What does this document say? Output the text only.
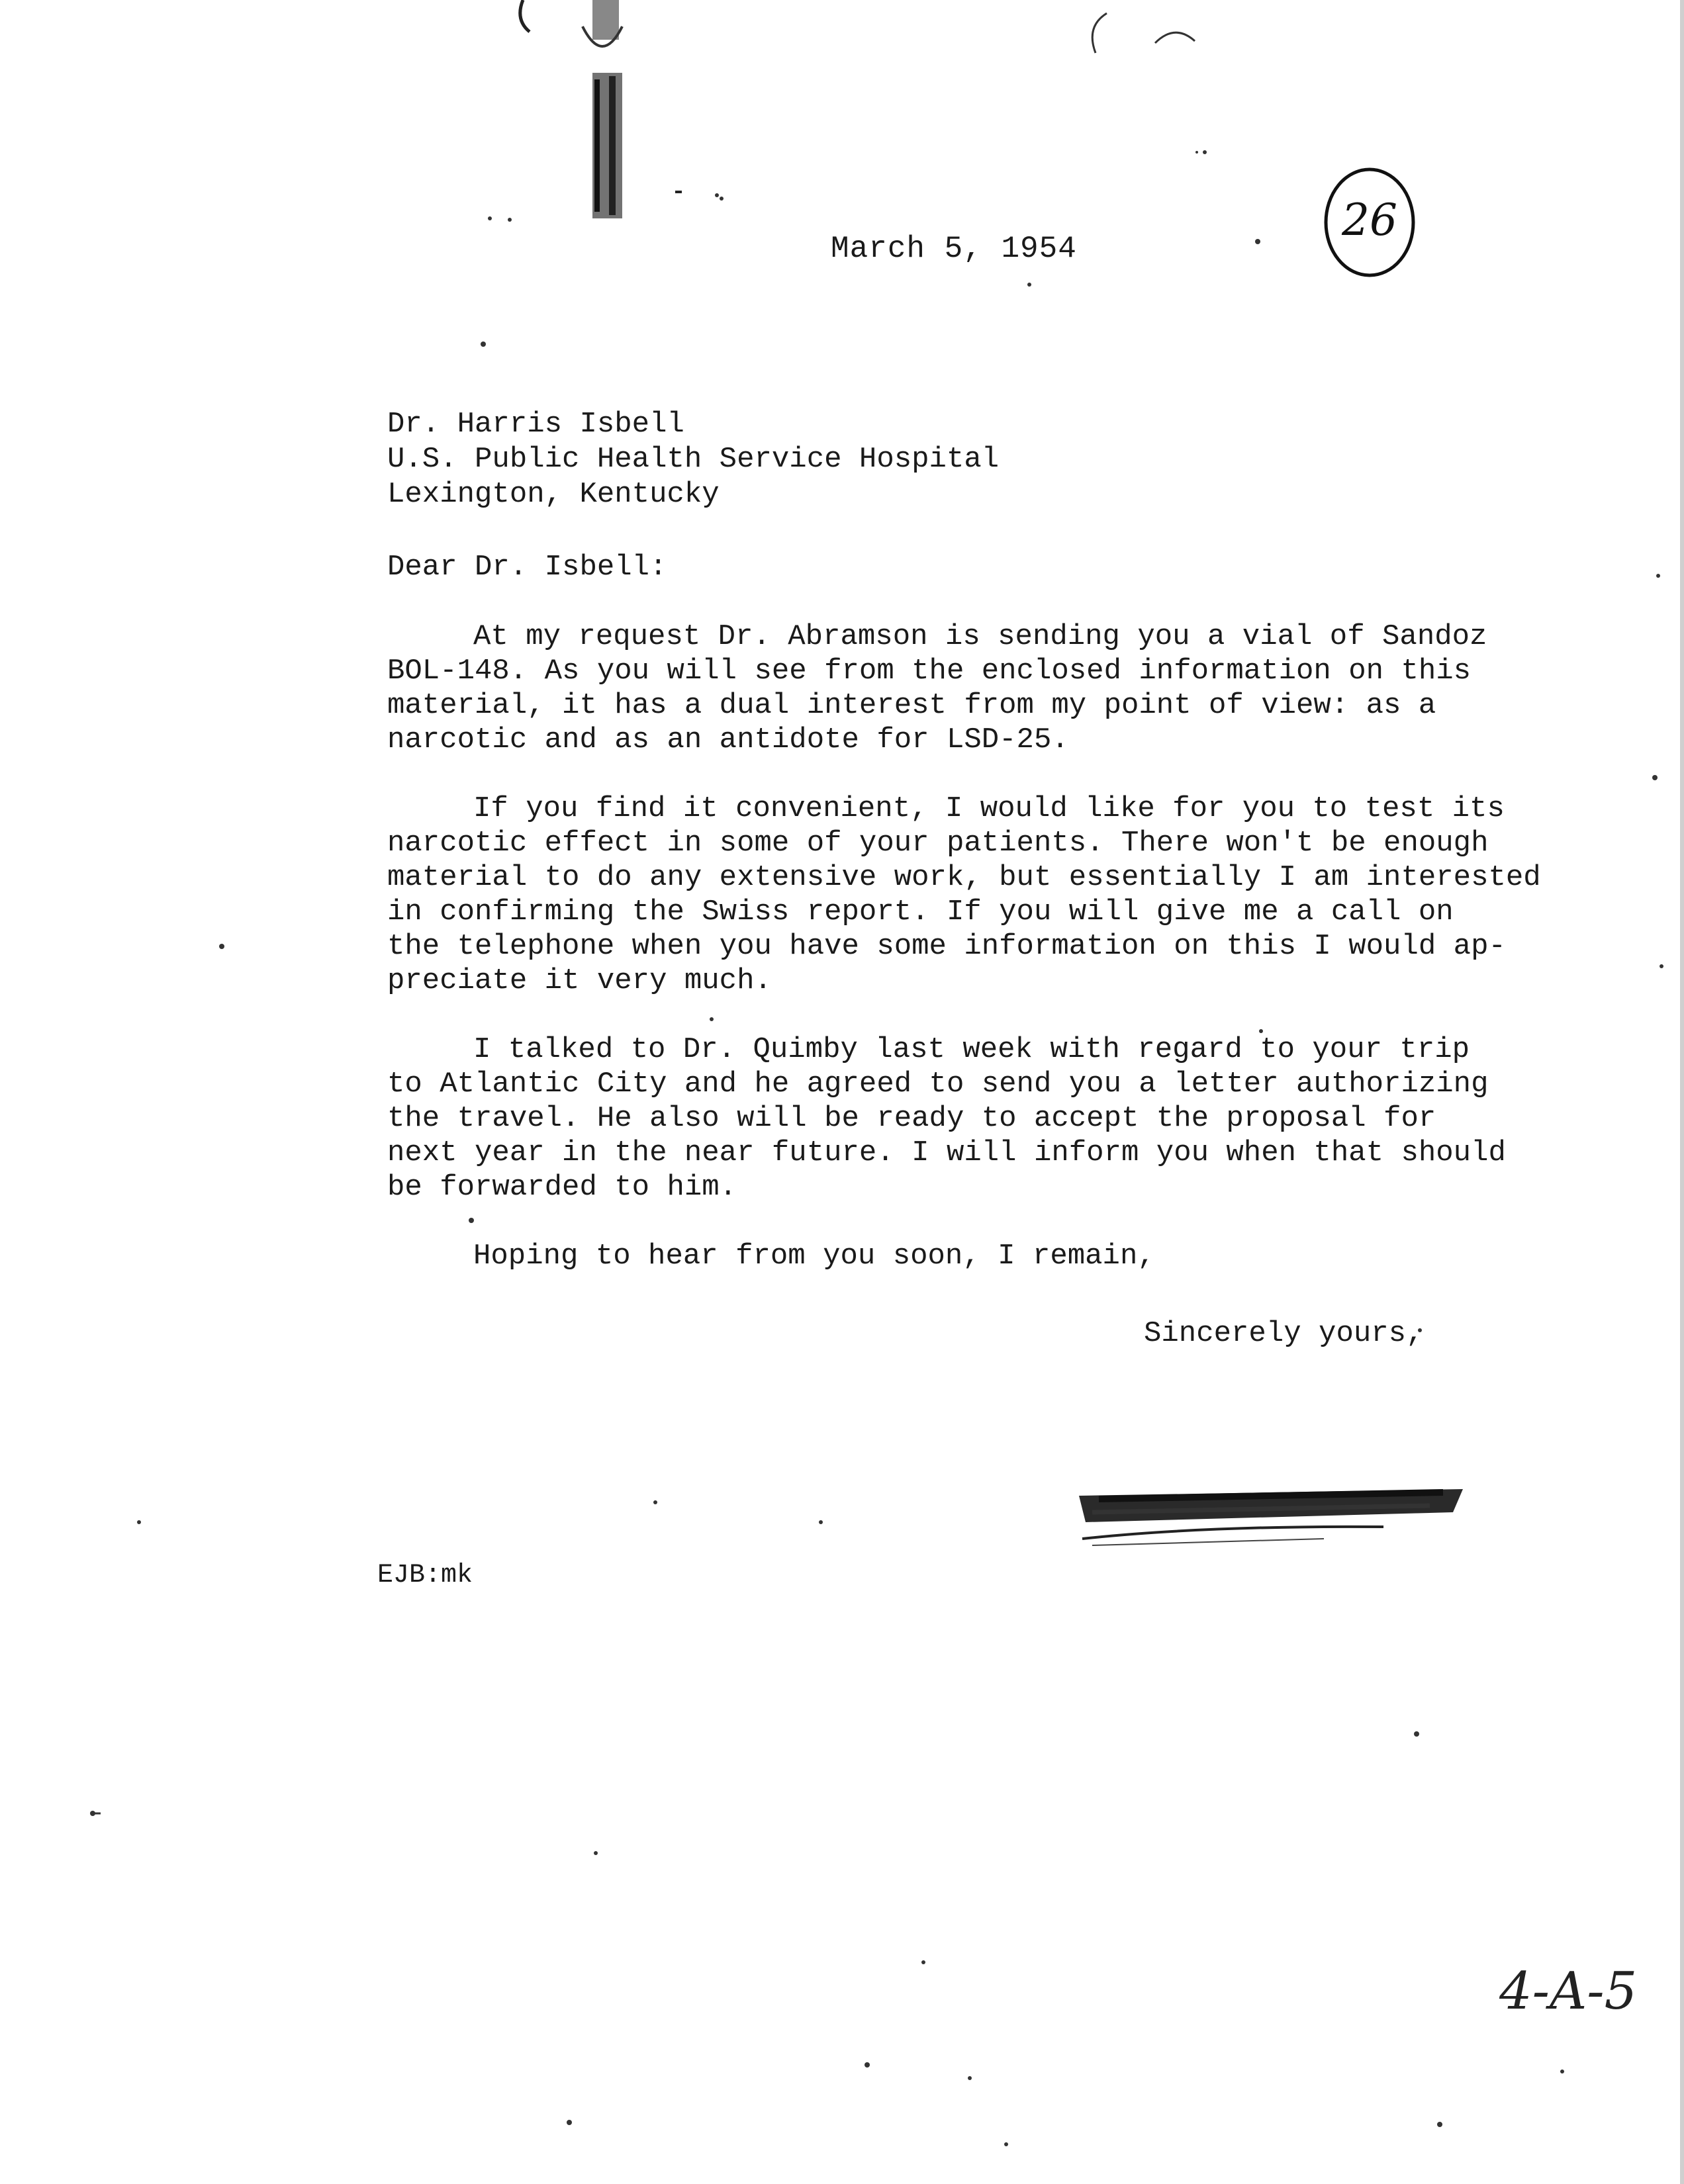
March 5, 1954
26
Dr. Harris Isbell
U.S. Public Health Service Hospital
Lexington, Kentucky
Dear Dr. Isbell:
At my request Dr. Abramson is sending you a vial of Sandoz
BOL-148. As you will see from the enclosed information on this
material, it has a dual interest from my point of view: as a
narcotic and as an antidote for LSD-25.
If you find it convenient, I would like for you to test its
narcotic effect in some of your patients. There won't be enough
material to do any extensive work, but essentially I am interested
in confirming the Swiss report. If you will give me a call on
the telephone when you have some information on this I would ap-
preciate it very much.
I talked to Dr. Quimby last week with regard to your trip
to Atlantic City and he agreed to send you a letter authorizing
the travel. He also will be ready to accept the proposal for
next year in the near future. I will inform you when that should
be forwarded to him.
Hoping to hear from you soon, I remain,
Sincerely yours,
EJB:mk
4-A-5
